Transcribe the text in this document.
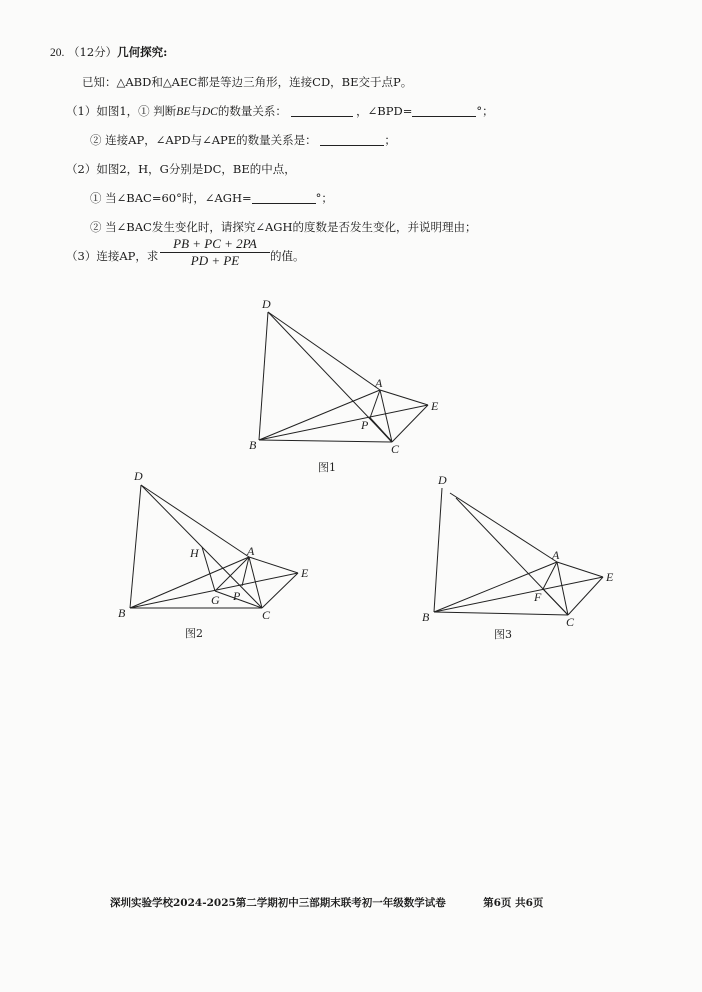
20. （12分）几何探究:
已知：△ABD和△AEC都是等边三角形，连接CD，BE交于点P。
（1）如图1，① 判断BE与DC的数量关系：	，∠BPD=	°；
② 连接AP，∠APD与∠APE的数量关系是：	；
（2）如图2，H，G分别是DC，BE的中点，
① 当∠BAC=60°时，∠AGH=	°；
② 当∠BAC发生变化时，请探究∠AGH的度数是否发生变化，并说明理由；
（3）连接AP，求 $\frac{PB + PC + 2PA}{PD + PE}$ 的值。
D
A
E
P
B	C
图1
D
H	A
E
G P
B	C
图2
D
A
E
F
B	C
图3
深圳实验学校2024-2025第二学期初中三部期末联考初一年级数学试卷	第6页 共6页
